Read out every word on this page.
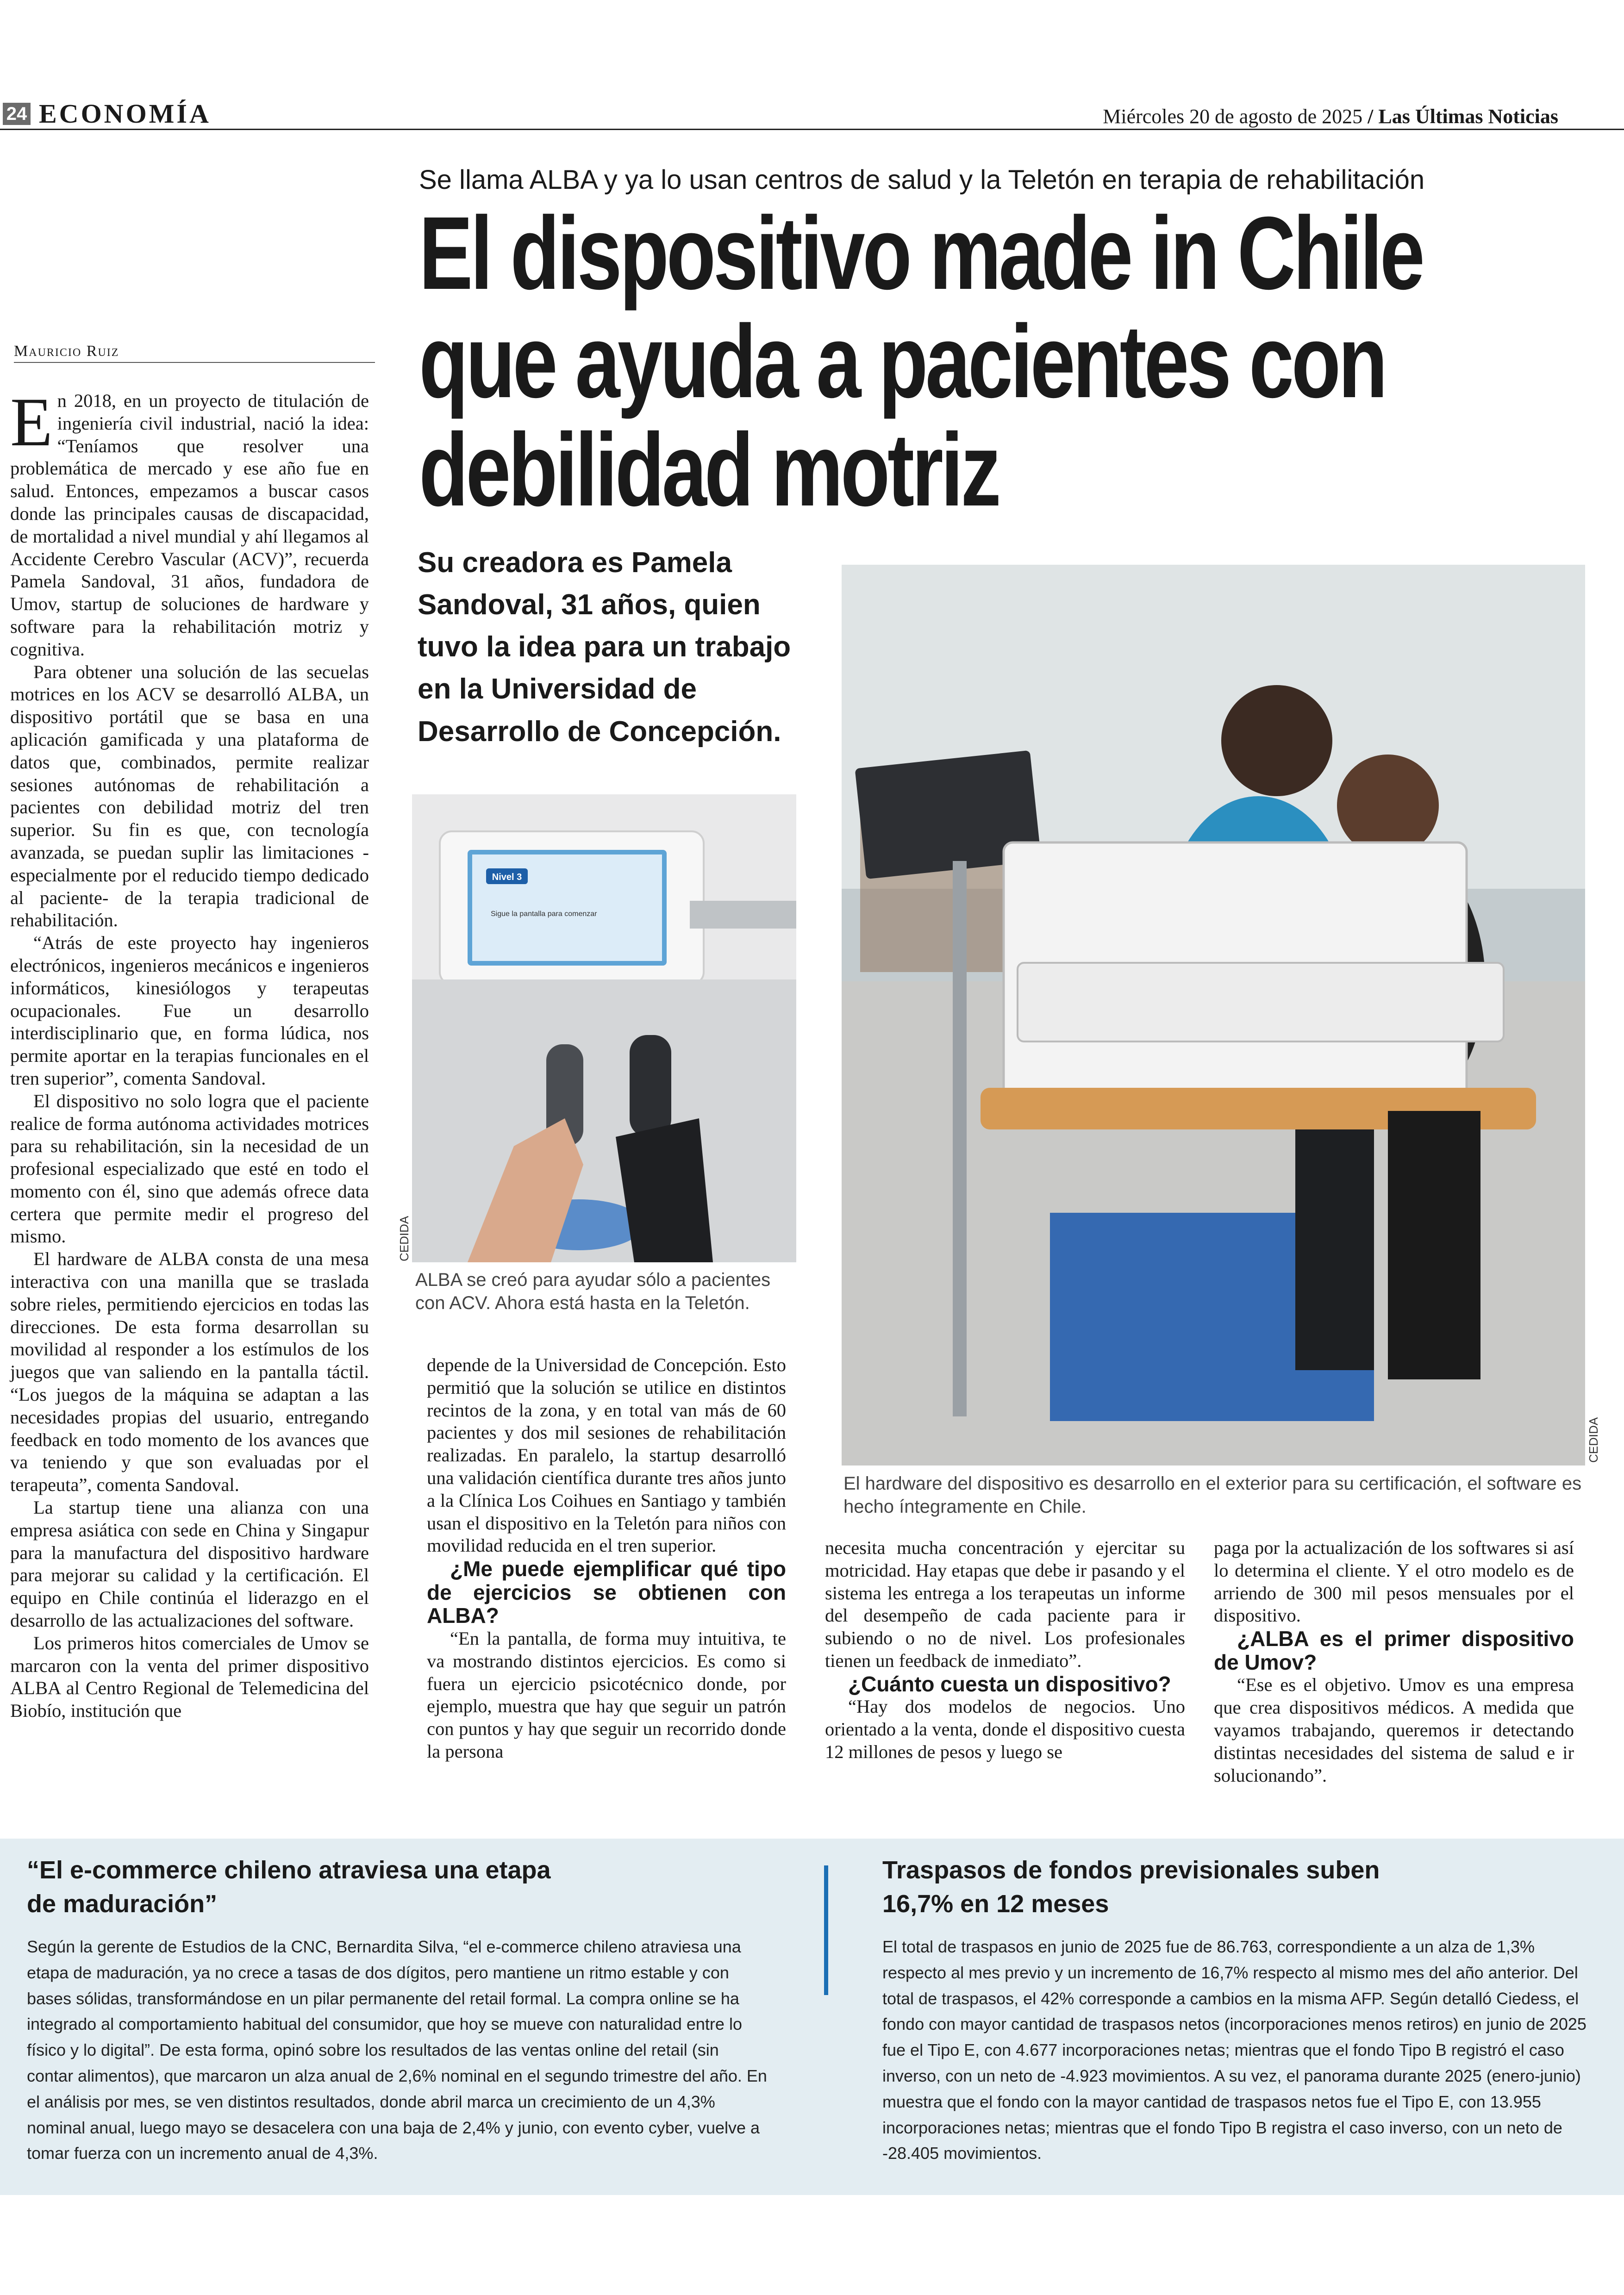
24 ECONOMÍA	Miércoles 20 de agosto de 2025 / Las Últimas Noticias
Se llama ALBA y ya lo usan centros de salud y la Teletón en terapia de rehabilitación
El dispositivo made in Chile
que ayuda a pacientes con
debilidad motriz
Mauricio Ruiz
Su creadora es Pamela Sandoval, 31 años, quien tuvo la idea para un trabajo en la Universidad de Desarrollo de Concepción.
E n 2018, en un proyecto de titulación de ingeniería civil industrial, nació la idea: “Teníamos que resolver una problemática de mercado y ese año fue en salud. Entonces, empezamos a buscar casos donde las principales causas de discapacidad, de mortalidad a nivel mundial y ahí llegamos al Accidente Cerebro Vascular (ACV)”, recuerda Pamela Sandoval, 31 años, fundadora de Umov, startup de soluciones de hardware y software para la rehabilitación motriz y cognitiva.

Para obtener una solución de las secuelas motrices en los ACV se desarrolló ALBA, un dispositivo portátil que se basa en una aplicación gamificada y una plataforma de datos que, combinados, permite realizar sesiones autónomas de rehabilitación a pacientes con debilidad motriz del tren superior. Su fin es que, con tecnología avanzada, se puedan suplir las limitaciones -especialmente por el reducido tiempo dedicado al paciente- de la terapia tradicional de rehabilitación.

“Atrás de este proyecto hay ingenieros electrónicos, ingenieros mecánicos e ingenieros informáticos, kinesiólogos y terapeutas ocupacionales. Fue un desarrollo interdisciplinario que, en forma lúdica, nos permite aportar en la terapias funcionales en el tren superior”, comenta Sandoval.

El dispositivo no solo logra que el paciente realice de forma autónoma actividades motrices para su rehabilitación, sin la necesidad de un profesional especializado que esté en todo el momento con él, sino que además ofrece data certera que permite medir el progreso del mismo.

El hardware de ALBA consta de una mesa interactiva con una manilla que se traslada sobre rieles, permitiendo ejercicios en todas las direcciones. De esta forma desarrollan su movilidad al responder a los estímulos de los juegos que van saliendo en la pantalla táctil. “Los juegos de la máquina se adaptan a las necesidades propias del usuario, entregando feedback en todo momento de los avances que va teniendo y que son evaluadas por el terapeuta”, comenta Sandoval.

La startup tiene una alianza con una empresa asiática con sede en China y Singapur para la manufactura del dispositivo hardware para mejorar su calidad y la certificación. El equipo en Chile continúa el liderazgo en el desarrollo de las actualizaciones del software.

Los primeros hitos comerciales de Umov se marcaron con la venta del primer dispositivo ALBA al Centro Regional de Telemedicina del Biobío, institución que

Nivel 3
Sigue la pantalla para comenzar
CEDIDA
ALBA se creó para ayudar sólo a pacientes con ACV. Ahora está hasta en la Teletón.
CEDIDA
El hardware del dispositivo es desarrollo en el exterior para su certificación, el software es hecho íntegramente en Chile.

depende de la Universidad de Concepción. Esto permitió que la solución se utilice en distintos recintos de la zona, y en total van más de 60 pacientes y dos mil sesiones de rehabilitación realizadas. En paralelo, la startup desarrolló una validación científica durante tres años junto a la Clínica Los Coihues en Santiago y también usan el dispositivo en la Teletón para niños con movilidad reducida en el tren superior.

¿Me puede ejemplificar qué tipo de ejercicios se obtienen con ALBA?

“En la pantalla, de forma muy intuitiva, te va mostrando distintos ejercicios. Es como si fuera un ejercicio psicotécnico donde, por ejemplo, muestra que hay que seguir un patrón con puntos y hay que seguir un recorrido donde la persona

necesita mucha concentración y ejercitar su motricidad. Hay etapas que debe ir pasando y el sistema les entrega a los terapeutas un informe del desempeño de cada paciente para ir subiendo o no de nivel. Los profesionales tienen un feedback de inmediato”.

¿Cuánto cuesta un dispositivo?

“Hay dos modelos de negocios. Uno orientado a la venta, donde el dispositivo cuesta 12 millones de pesos y luego se

paga por la actualización de los softwares si así lo determina el cliente. Y el otro modelo es de arriendo de 300 mil pesos mensuales por el dispositivo.

¿ALBA es el primer dispositivo de Umov?

“Ese es el objetivo. Umov es una empresa que crea dispositivos médicos. A medida que vayamos trabajando, queremos ir detectando distintas necesidades del sistema de salud e ir solucionando”.

“El e-commerce chileno atraviesa una etapa de maduración”
Según la gerente de Estudios de la CNC, Bernardita Silva, “el e-commerce chileno atraviesa una etapa de maduración, ya no crece a tasas de dos dígitos, pero mantiene un ritmo estable y con bases sólidas, transformándose en un pilar permanente del retail formal. La compra online se ha integrado al comportamiento habitual del consumidor, que hoy se mueve con naturalidad entre lo físico y lo digital”. De esta forma, opinó sobre los resultados de las ventas online del retail (sin contar alimentos), que marcaron un alza anual de 2,6% nominal en el segundo trimestre del año. En el análisis por mes, se ven distintos resultados, donde abril marca un crecimiento de un 4,3% nominal anual, luego mayo se desacelera con una baja de 2,4% y junio, con evento cyber, vuelve a tomar fuerza con un incremento anual de 4,3%.
Traspasos de fondos previsionales suben 16,7% en 12 meses
El total de traspasos en junio de 2025 fue de 86.763, correspondiente a un alza de 1,3% respecto al mes previo y un incremento de 16,7% respecto al mismo mes del año anterior. Del total de traspasos, el 42% corresponde a cambios en la misma AFP. Según detalló Ciedess, el fondo con mayor cantidad de traspasos netos (incorporaciones menos retiros) en junio de 2025 fue el Tipo E, con 4.677 incorporaciones netas; mientras que el fondo Tipo B registró el caso inverso, con un neto de -4.923 movimientos. A su vez, el panorama durante 2025 (enero-junio) muestra que el fondo con la mayor cantidad de traspasos netos fue el Tipo E, con 13.955 incorporaciones netas; mientras que el fondo Tipo B registra el caso inverso, con un neto de -28.405 movimientos.
